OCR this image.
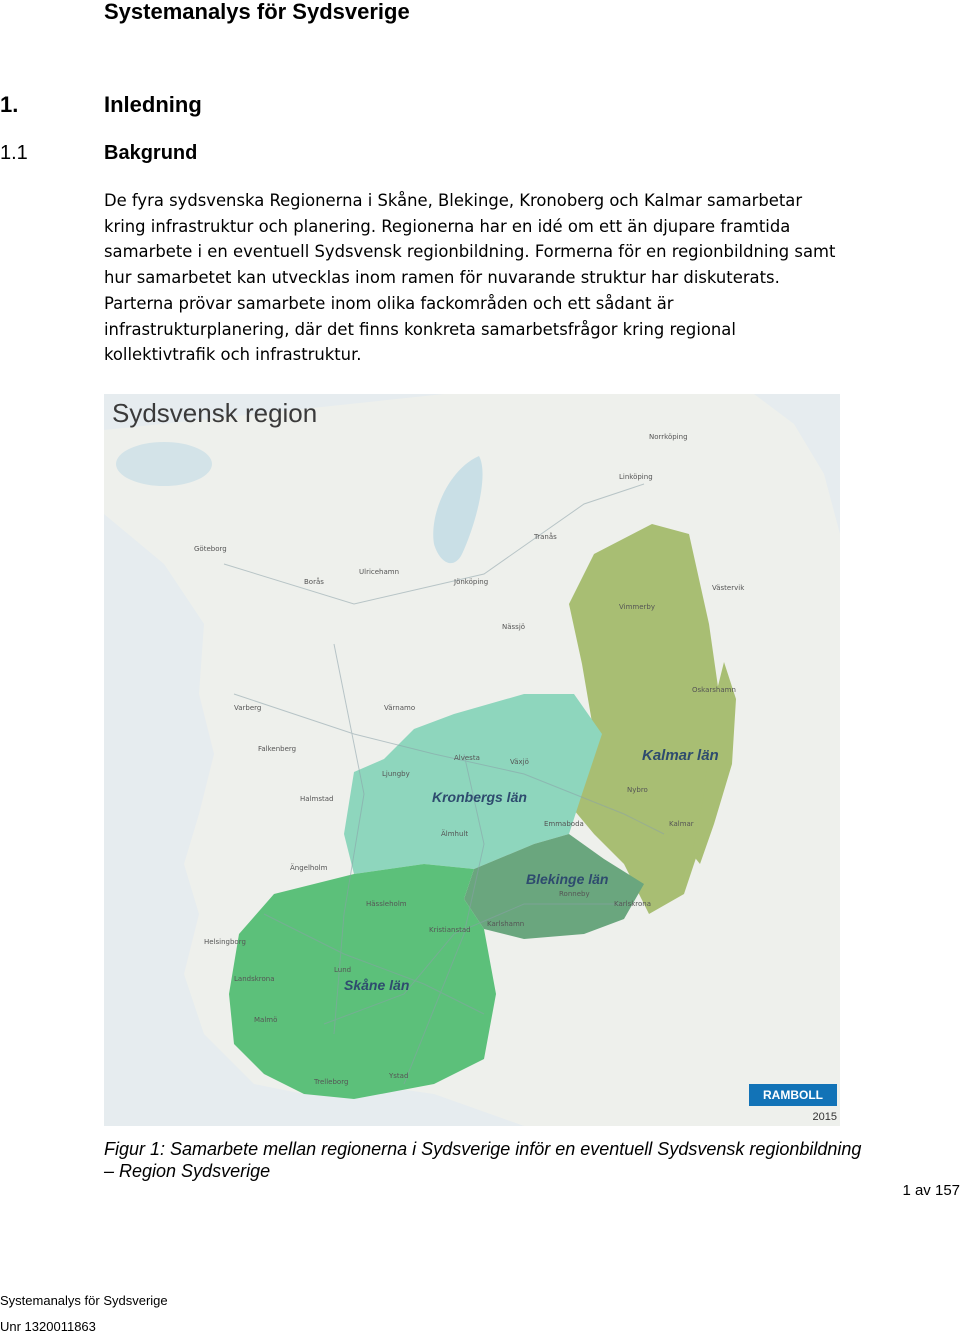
Systemanalys för Sydsverige
1.	Inledning
1.1	Bakgrund

De fyra sydsvenska Regionerna i Skåne, Blekinge, Kronoberg och Kalmar samarbetar kring infrastruktur och planering. Regionerna har en idé om ett än djupare framtida samarbete i en eventuell Sydsvensk regionbildning. Formerna för en regionbildning samt hur samarbetet kan utvecklas inom ramen för nuvarande struktur har diskuterats. Parterna prövar samarbete inom olika fackområden och ett sådant är infrastrukturplanering, där det finns konkreta samarbetsfrågor kring regional kollektivtrafik och infrastruktur.

Sydsvensk region
Kronbergs län
Kalmar län
Blekinge län
Skåne län
Norrköping
Linköping
Tranås
Göteborg
Borås
Ulricehamn
Jönköping
Västervik
Vimmerby
Nässjö
Varberg	Värnamo
Oskarshamn
Falkenberg
Ljungby
Alvesta	Växjö
Halmstad
Nybro
Kalmar
Älmhult
Emmaboda
Ängelholm
Hässleholm
Ronneby
Karlskrona
Helsingborg
Kristianstad
Karlshamn
Landskrona
Lund
Malmö
Trelleborg
Ystad
RAMBOLL
2015
Figur 1: Samarbete mellan regionerna i Sydsverige inför en eventuell Sydsvensk regionbildning – Region Sydsverige
1 av 157
Systemanalys för Sydsverige
Unr 1320011863
